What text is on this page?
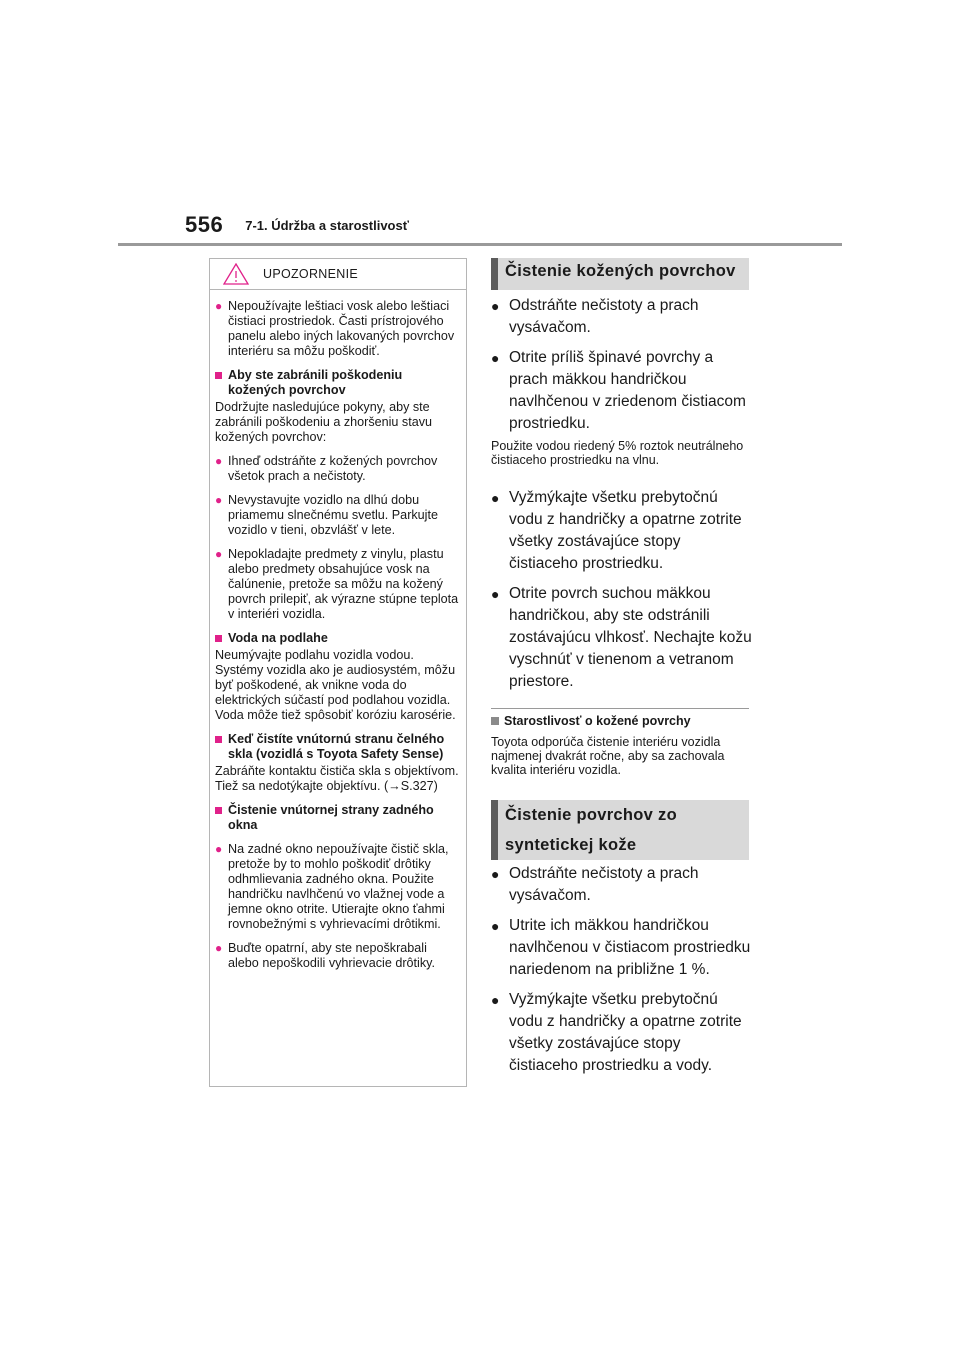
556 7-1. Údržba a starostlivosť
UPOZORNENIE
● Nepoužívajte leštiaci vosk alebo leštiaci čistiaci prostriedok. Časti prístrojového panelu alebo iných lakovaných povrchov interiéru sa môžu poškodiť.
Aby ste zabránili poškodeniu kožených povrchov
Dodržujte nasledujúce pokyny, aby ste zabránili poškodeniu a zhoršeniu stavu kožených povrchov:
● Ihneď odstráňte z kožených povrchov všetok prach a nečistoty.
● Nevystavujte vozidlo na dlhú dobu priamemu slnečnému svetlu. Parkujte vozidlo v tieni, obzvlášť v lete.
● Nepokladajte predmety z vinylu, plastu alebo predmety obsahujúce vosk na čalúnenie, pretože sa môžu na kožený povrch prilepiť, ak výrazne stúpne teplota v interiéri vozidla.
Voda na podlahe
Neumývajte podlahu vozidla vodou. Systémy vozidla ako je audiosystém, môžu byť poškodené, ak vnikne voda do elektrických súčastí pod podlahou vozidla. Voda môže tiež spôsobiť koróziu karosérie.
Keď čistíte vnútornú stranu čelného skla (vozidlá s Toyota Safety Sense)
Zabráňte kontaktu čističa skla s objektívom. Tiež sa nedotýkajte objektívu. (→S.327)
Čistenie vnútornej strany zadného okna
● Na zadné okno nepoužívajte čistič skla, pretože by to mohlo poškodiť drôtiky odhmlievania zadného okna. Použite handričku navlhčenú vo vlažnej vode a jemne okno otrite. Utierajte okno ťahmi rovnobežnými s vyhrievacími drôtikmi.
● Buďte opatrní, aby ste nepoškrabali alebo nepoškodili vyhrievacie drôtiky.
Čistenie kožených povrchov
● Odstráňte nečistoty a prach vysávačom.
● Otrite príliš špinavé povrchy a prach mäkkou handričkou navlhčenou v zriedenom čistiacom prostriedku.
Použite vodou riedený 5% roztok neutrálneho čistiaceho prostriedku na vlnu.
● Vyžmýkajte všetku prebytočnú vodu z handričky a opatrne zotrite všetky zostávajúce stopy čistiaceho prostriedku.
● Otrite povrch suchou mäkkou handričkou, aby ste odstránili zostávajúcu vlhkosť. Nechajte kožu vyschnúť v tienenom a vetranom priestore.
Starostlivosť o kožené povrchy
Toyota odporúča čistenie interiéru vozidla najmenej dvakrát ročne, aby sa zachovala kvalita interiéru vozidla.
Čistenie povrchov zo syntetickej kože
● Odstráňte nečistoty a prach vysávačom.
● Utrite ich mäkkou handričkou navlhčenou v čistiacom prostriedku nariedenom na približne 1 %.
● Vyžmýkajte všetku prebytočnú vodu z handričky a opatrne zotrite všetky zostávajúce stopy čistiaceho prostriedku a vody.
